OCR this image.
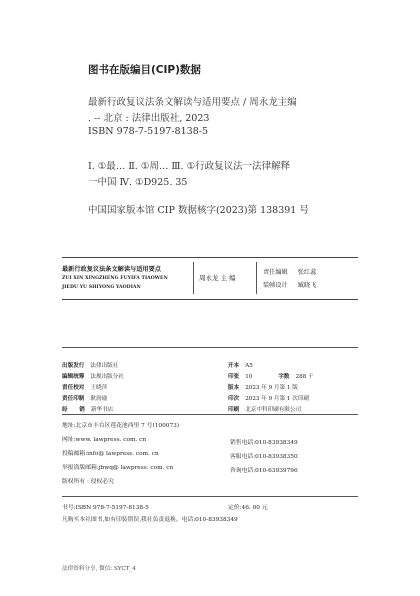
图书在版编目(CIP)数据
最新行政复议法条文解读与适用要点 / 周永龙主编
. -- 北京 : 法律出版社, 2023
ISBN 978-7-5197-8138-5
Ⅰ. ①最… Ⅱ. ①周… Ⅲ. ①行政复议法一法律解释
一中国 Ⅳ. ①D925. 35
中国国家版本馆 CIP 数据核字(2023)第 138391 号
最新行政复议法条文解读与适用要点
ZUI XIN XINGZHENG FUYIFA TIAOWEN
JIEDU YU SHIYONG YAODIAN
周永龙 主 编
责任编辑 张红蕊
装帧设计 臧晓飞
出版发行 法律出版社
编辑统筹 法规出版分社
责任校对 王晓萍
责任印制 耿润瑜
经      销 新华书店
开本 A5
印张 10	字数 288 千
版本 2023 年 9 月第 1 版
印次 2023 年 9 月第 1 次印刷
印刷 北京中科印刷有限公司
地址:北京市丰台区莲花池西里 7 号(100073)
网址:www. lawpress. com. cn
投稿邮箱:info@ lawpress. com. cn
举报盗版邮箱:jbwq@ lawpress. com. cn
版权所有 · 侵权必究
销售电话:010-83938349
客服电话:010-83938350
咨询电话:010-63939796
书号:ISBN 978-7-5197-8138-5	定价:46. 00 元
凡购买本社图书,如有印装错误,我社负责退换。电话:010-83938349
法律资料分享, 微信: SYCT_4
